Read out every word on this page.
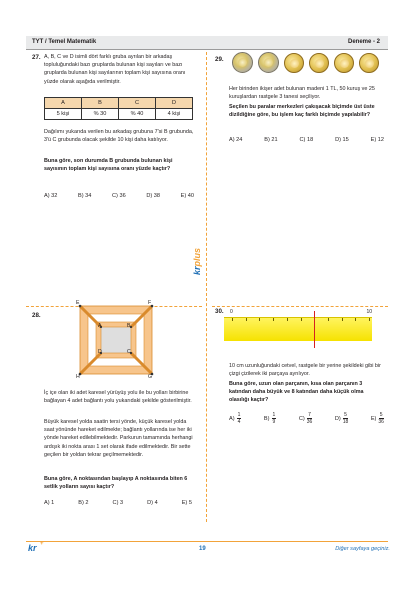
TYT / Temel Matematik	Deneme - 2
27. A, B, C ve D isimli dört farklı gruba ayrılan bir arkadaş topluluğundaki bazı gruplarda bulunan kişi sayıları ve bazı gruplarda bulunan kişi sayılarının toplam kişi sayısına oranı yüzde olarak aşağıda verilmiştir.
A	B	C	D
5 kişi	% 30	% 40	4 kişi
Dağılımı yukarıda verilen bu arkadaş grubuna 7'si B grubunda, 3'ü C grubunda olacak şekilde 10 kişi daha katılıyor.
Buna göre, son durumda B grubunda bulunan kişi sayısının toplam kişi sayısına oranı yüzde kaçtır?
A) 32	B) 34	C) 36	D) 38	E) 40
28.
E	F
A	B
D	C
H	G
İç içe olan iki adet karesel yürüyüş yolu ile bu yolları birbirine bağlayan 4 adet bağlantı yolu yukarıdaki şekilde gösterilmiştir.
Büyük karesel yolda saatin tersi yönde, küçük karesel yolda saat yönünde hareket edilmekte; bağlantı yollarında ise her iki yönde hareket edilebilmektedir. Parkurun tamamında herhangi ardışık iki nokta arası 1 set olarak ifade edilmektedir. Bir sette geçilen bir yoldan tekrar geçilmemektedir.
Buna göre, A noktasından başlayıp A noktasında biten 6 setlik yolların sayısı kaçtır?
A) 1	B) 2	C) 3	D) 4	E) 5
29.
Her birinden ikişer adet bulunan madeni 1 TL, 50 kuruş ve 25 kuruşlardan rastgele 3 tanesi seçiliyor.
Seçilen bu paralar merkezleri çakışacak biçimde üst üste dizildiğine göre, bu işlem kaç farklı biçimde yapılabilir?
A) 24	B) 21	C) 18	D) 15	E) 12
krplus
30. 0	10
10 cm uzunluğundaki cetvel, rastgele bir yerine şekildeki gibi bir çizgi çizilerek iki parçaya ayrılıyor.
Buna göre, uzun olan parçanın, kısa olan parçanın 3 katından daha büyük ve 8 katından daha küçük olma olasılığı kaçtır?
$A) \frac{1}{4}$	$B) \frac{1}{9}$	$C) \frac{7}{36}$	$D) \frac{5}{18}$	$E) \frac{5}{36}$
kr +
19	Diğer sayfaya geçiniz.
